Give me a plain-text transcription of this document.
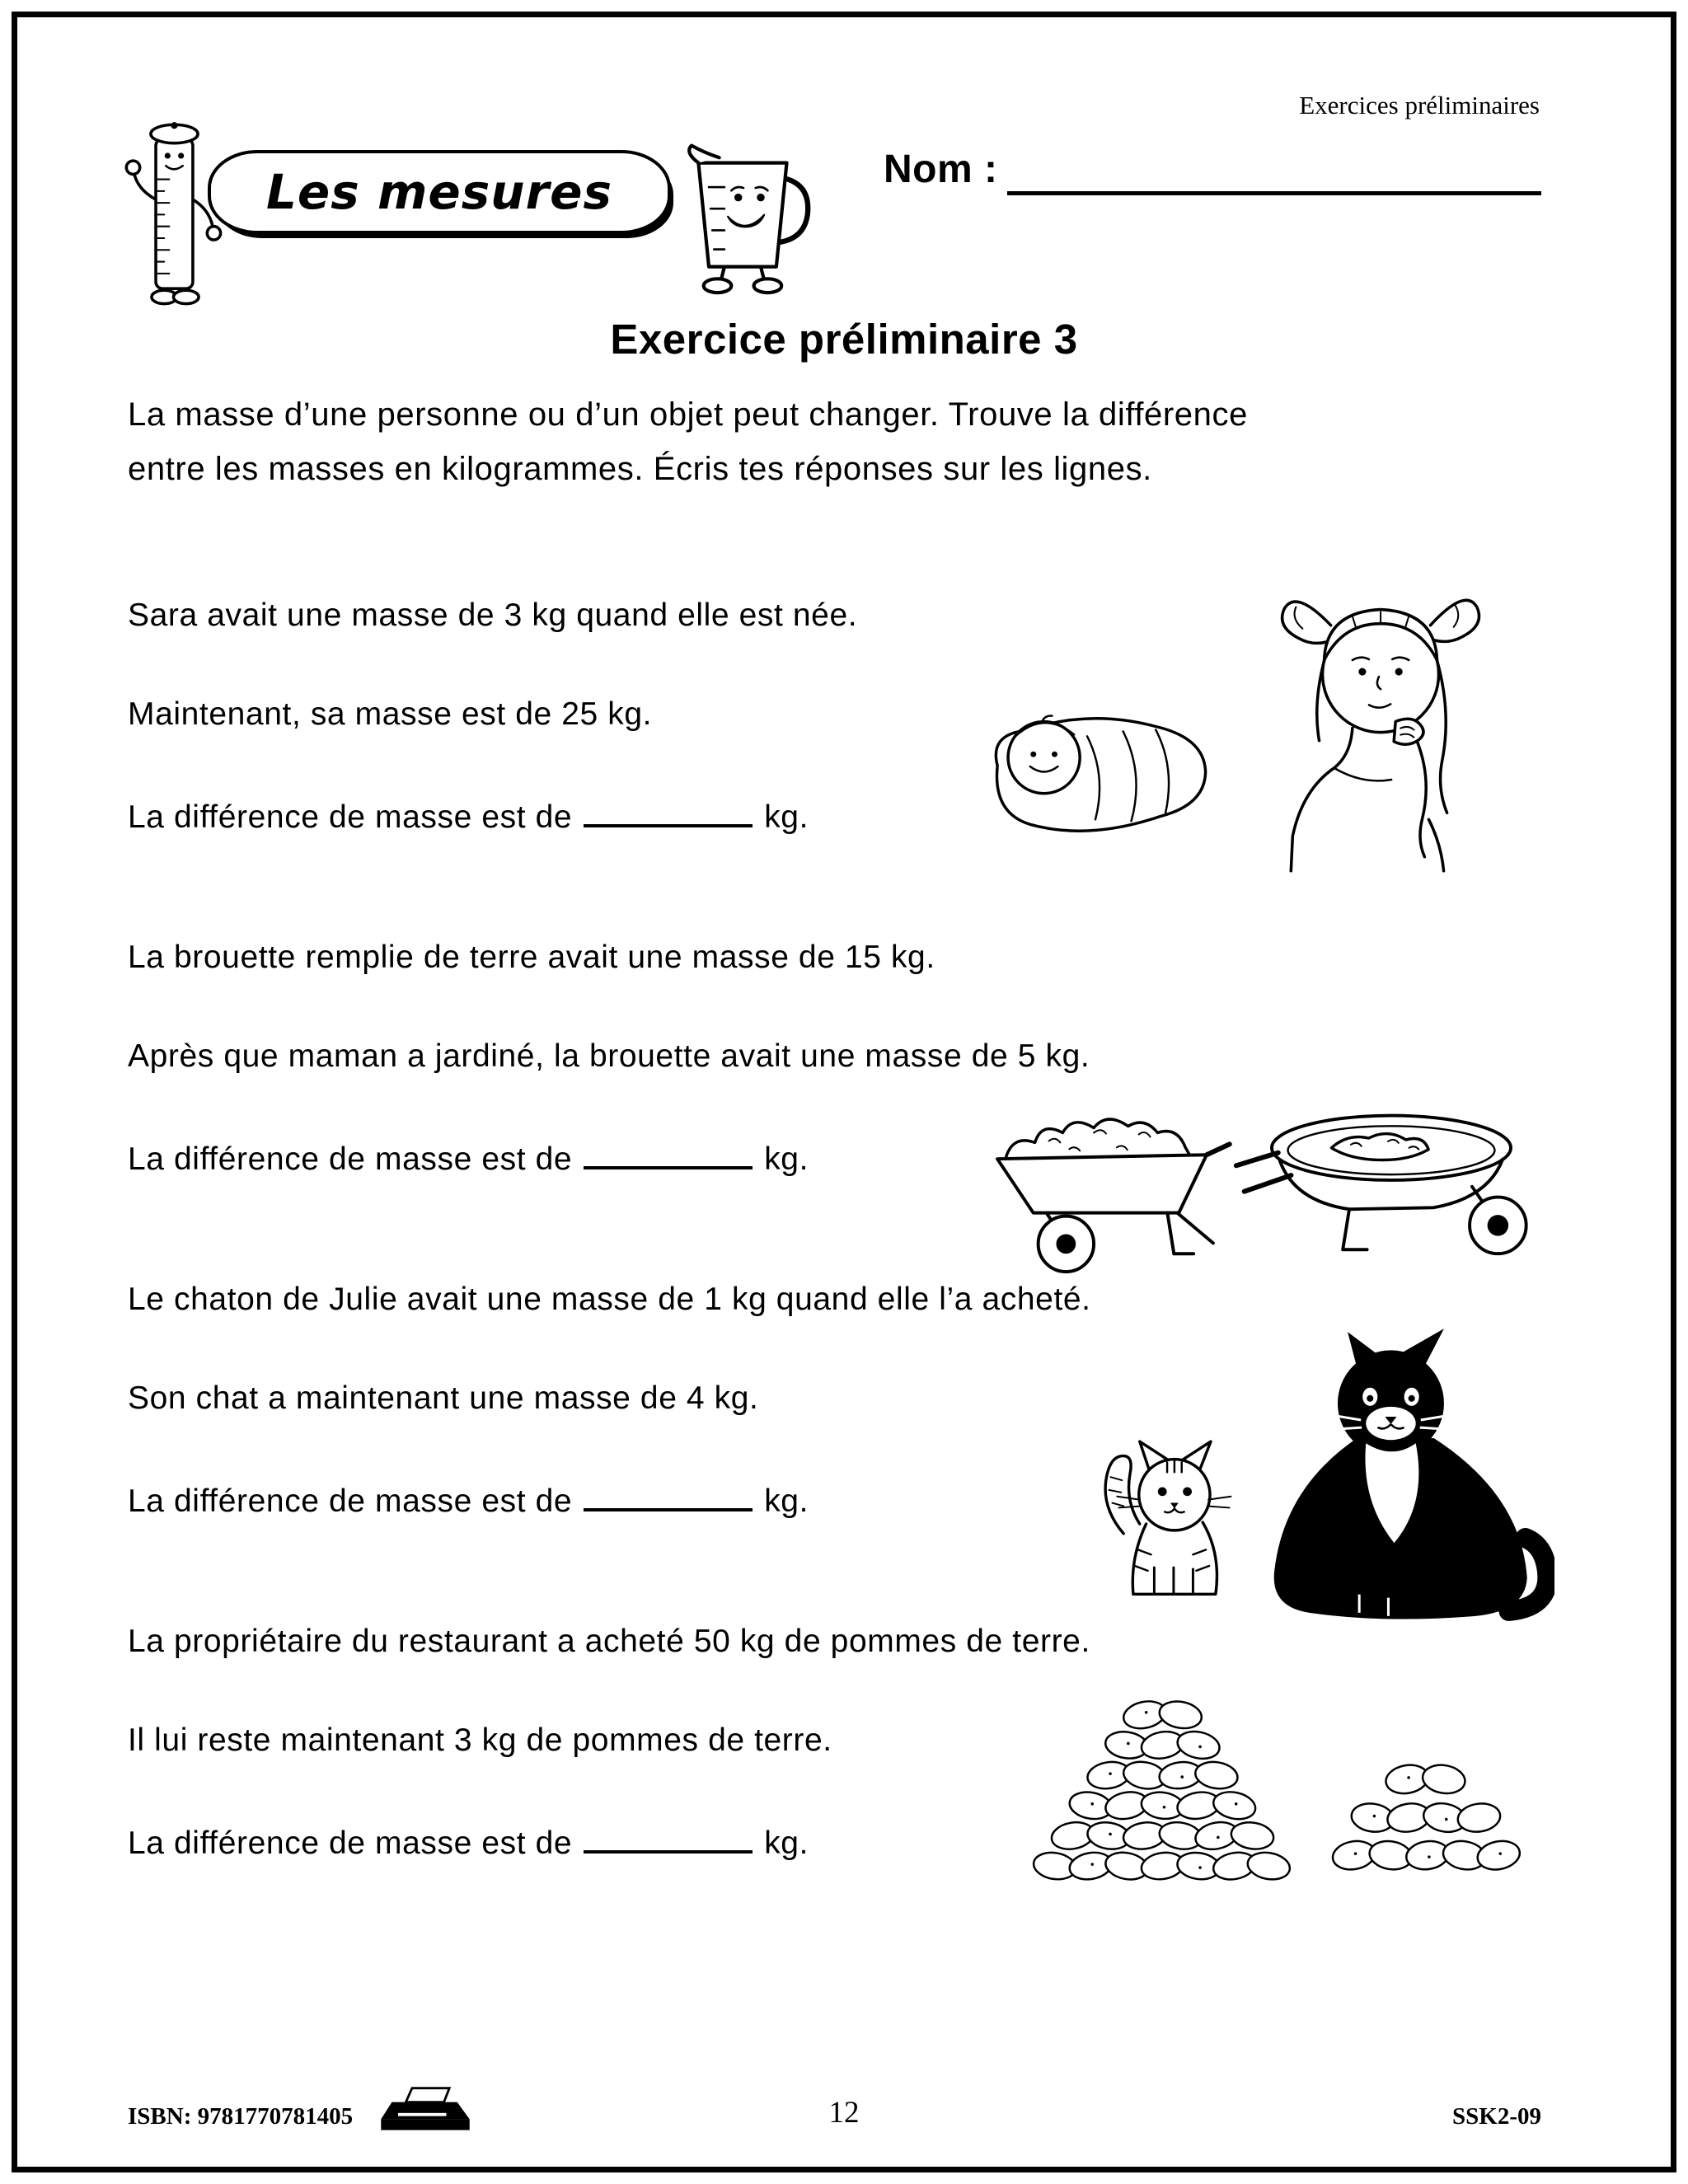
Exercices préliminaires
Les mesures	Nom :
Exercice préliminaire 3
La masse d’une personne ou d’un objet peut changer. Trouve la différence
entre les masses en kilogrammes. Écris tes réponses sur les lignes.

Sara avait une masse de 3 kg quand elle est née.

Maintenant, sa masse est de 25 kg.

La différence de masse est de	kg.

La brouette remplie de terre avait une masse de 15 kg.

Après que maman a jardiné, la brouette avait une masse de 5 kg.

La différence de masse est de	kg.

Le chaton de Julie avait une masse de 1 kg quand elle l’a acheté.

Son chat a maintenant une masse de 4 kg.

La différence de masse est de	kg.

La propriétaire du restaurant a acheté 50 kg de pommes de terre.

Il lui reste maintenant 3 kg de pommes de terre.

La différence de masse est de	kg.

ISBN: 9781770781405	12	SSK2-09
